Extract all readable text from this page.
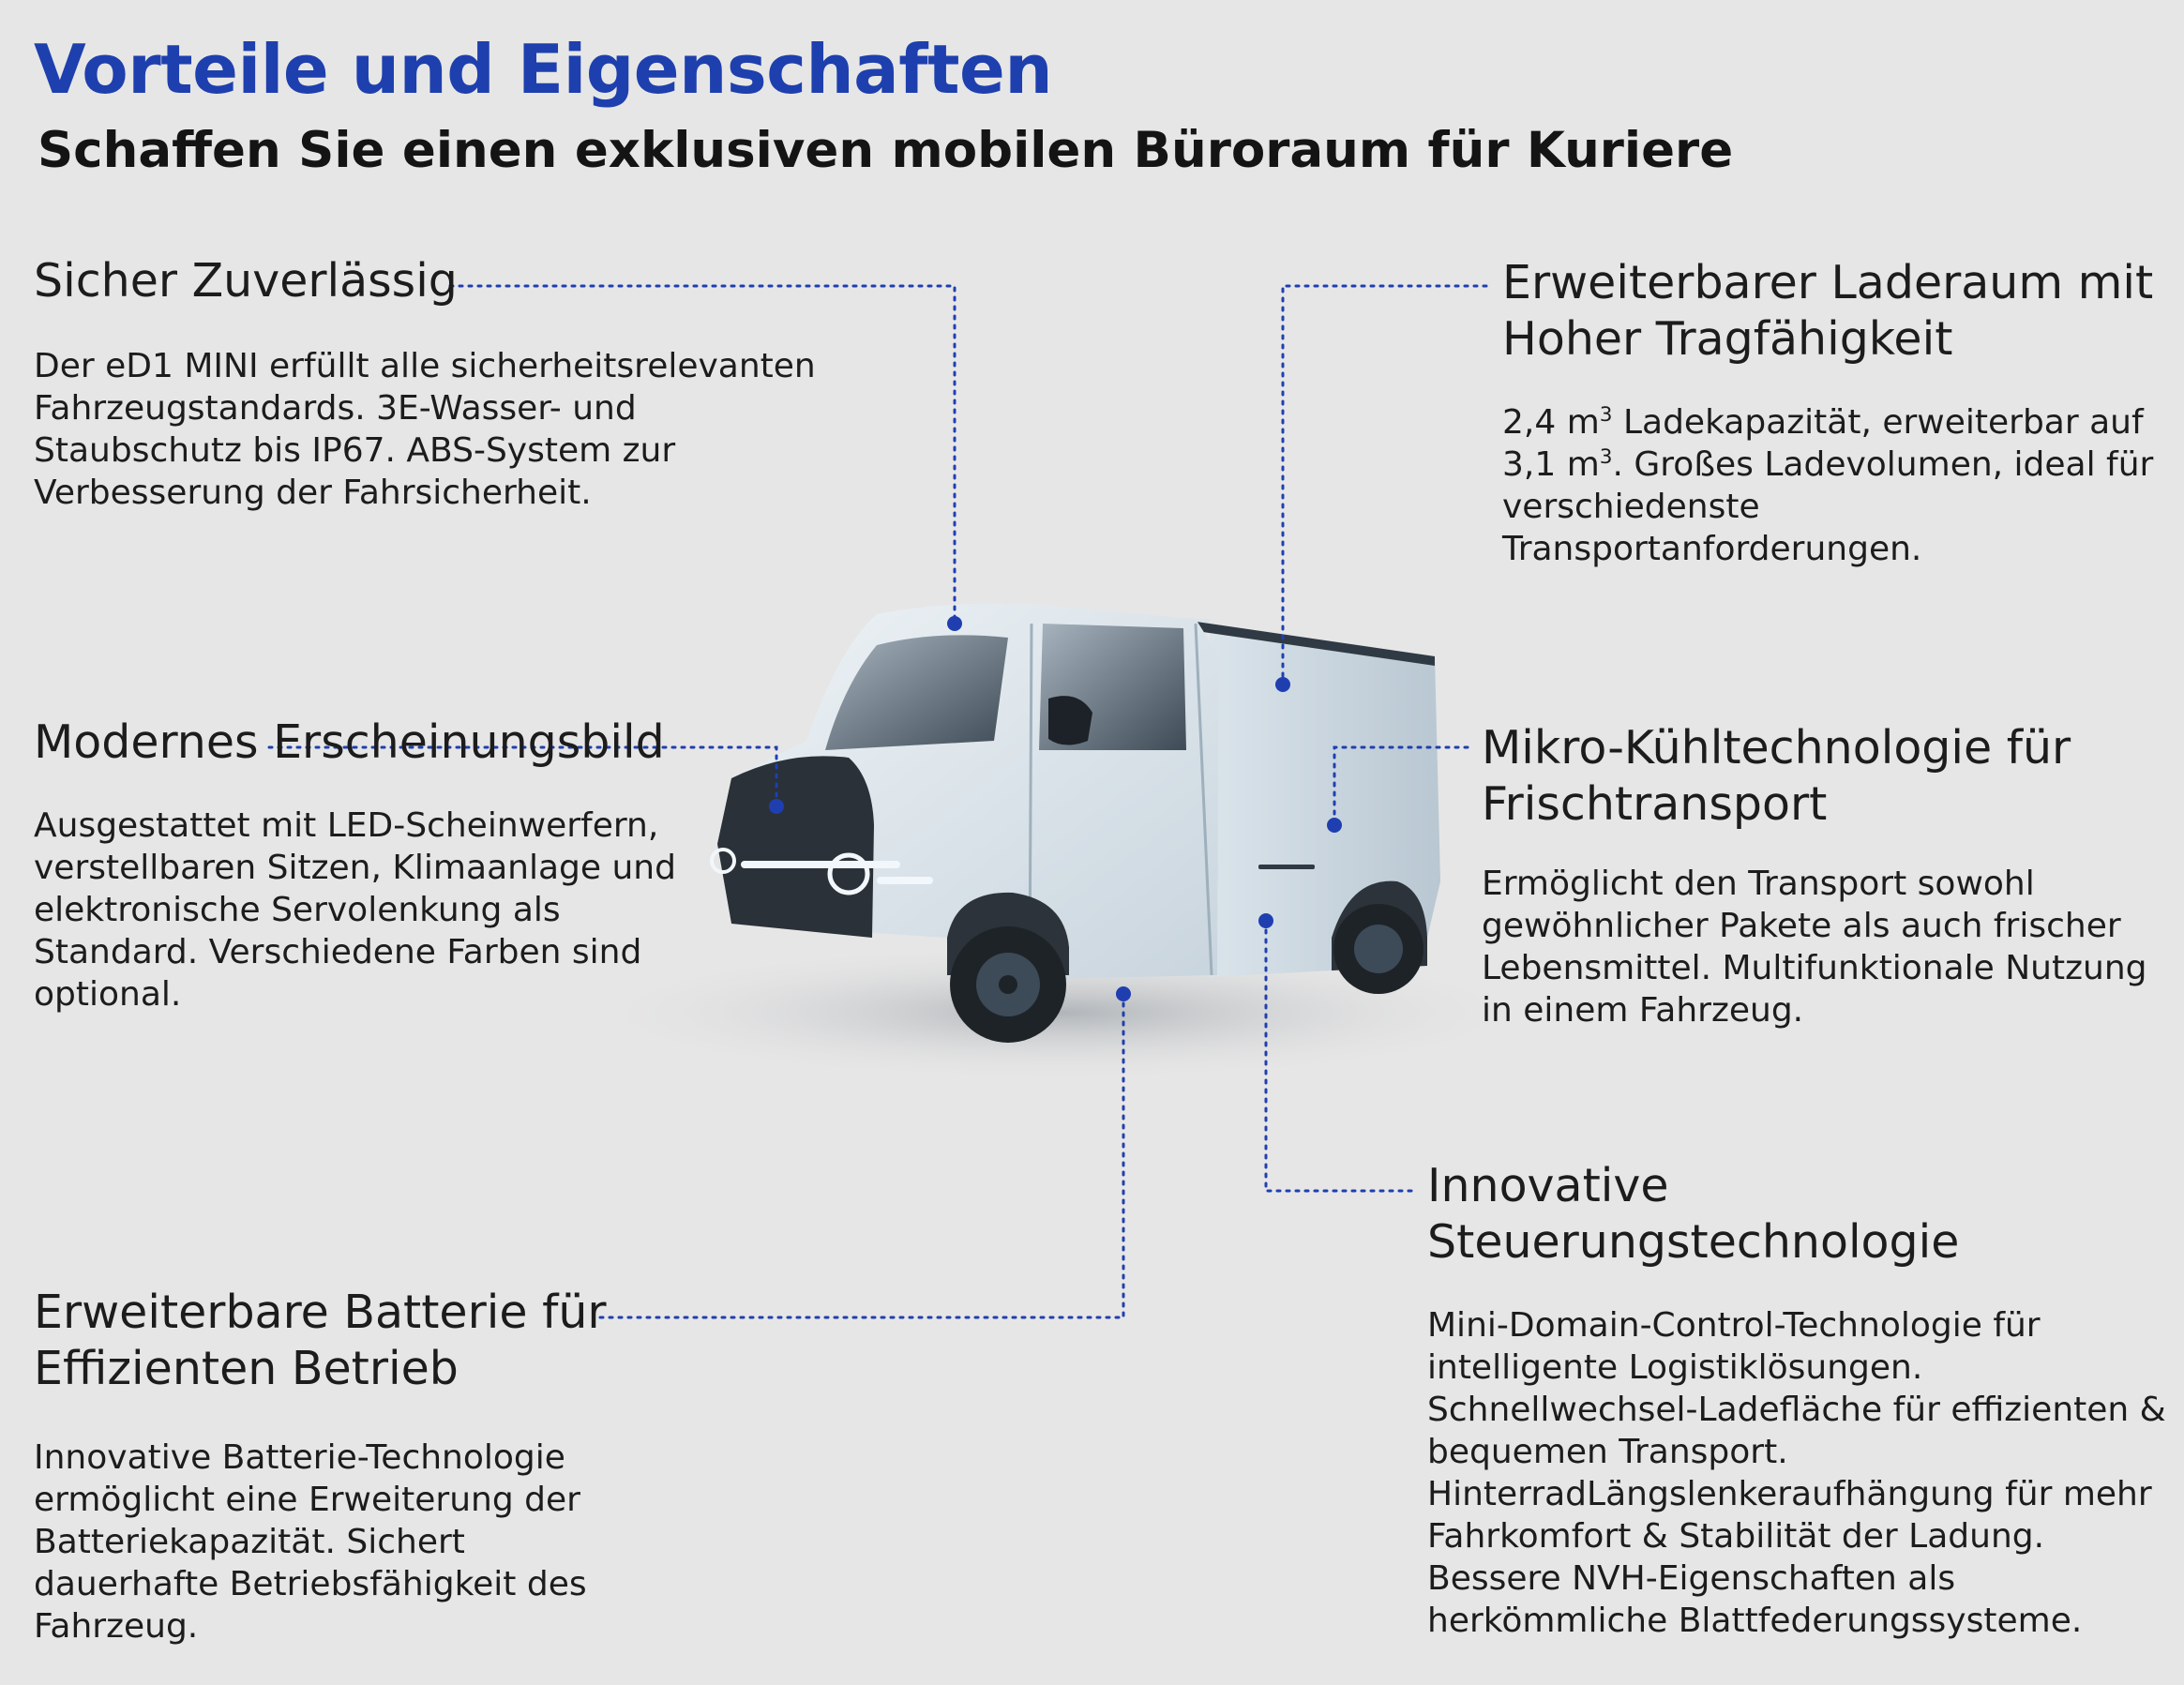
Vorteile und Eigenschaften
Schaffen Sie einen exklusiven mobilen Büroraum für Kuriere
Sicher Zuverlässig

Der eD1 MINI erfüllt alle sicherheitsrelevanten Fahrzeugstandards. 3E-Wasser- und Staubschutz bis IP67. ABS-System zur Verbesserung der Fahrsicherheit.

Erweiterbarer Laderaum mit Hoher Tragfähigkeit

2,4 $m^3$ Ladekapazität, erweiterbar auf 3,1 $m^3$. Großes Ladevolumen, ideal für verschiedenste Transportanforderungen.

Modernes Erscheinungsbild

Ausgestattet mit LED-Scheinwerfern, verstellbaren Sitzen, Klimaanlage und elektronische Servolenkung als Standard. Verschiedene Farben sind optional.

Mikro-Kühltechnologie für Frischtransport

Ermöglicht den Transport sowohl gewöhnlicher Pakete als auch frischer Lebensmittel. Multifunktionale Nutzung in einem Fahrzeug.

Innovative Steuerungstechnologie

Mini-Domain-Control-Technologie für intelligente Logistiklösungen. Schnellwechsel-Ladefläche für effizienten & bequemen Transport. HinterradLängslenkeraufhängung für mehr Fahrkomfort & Stabilität der Ladung. Bessere NVH-Eigenschaften als herkömmliche Blattfederungssysteme.

Erweiterbare Batterie für Effizienten Betrieb

Innovative Batterie-Technologie ermöglicht eine Erweiterung der Batteriekapazität. Sichert dauerhafte Betriebsfähigkeit des Fahrzeug.
